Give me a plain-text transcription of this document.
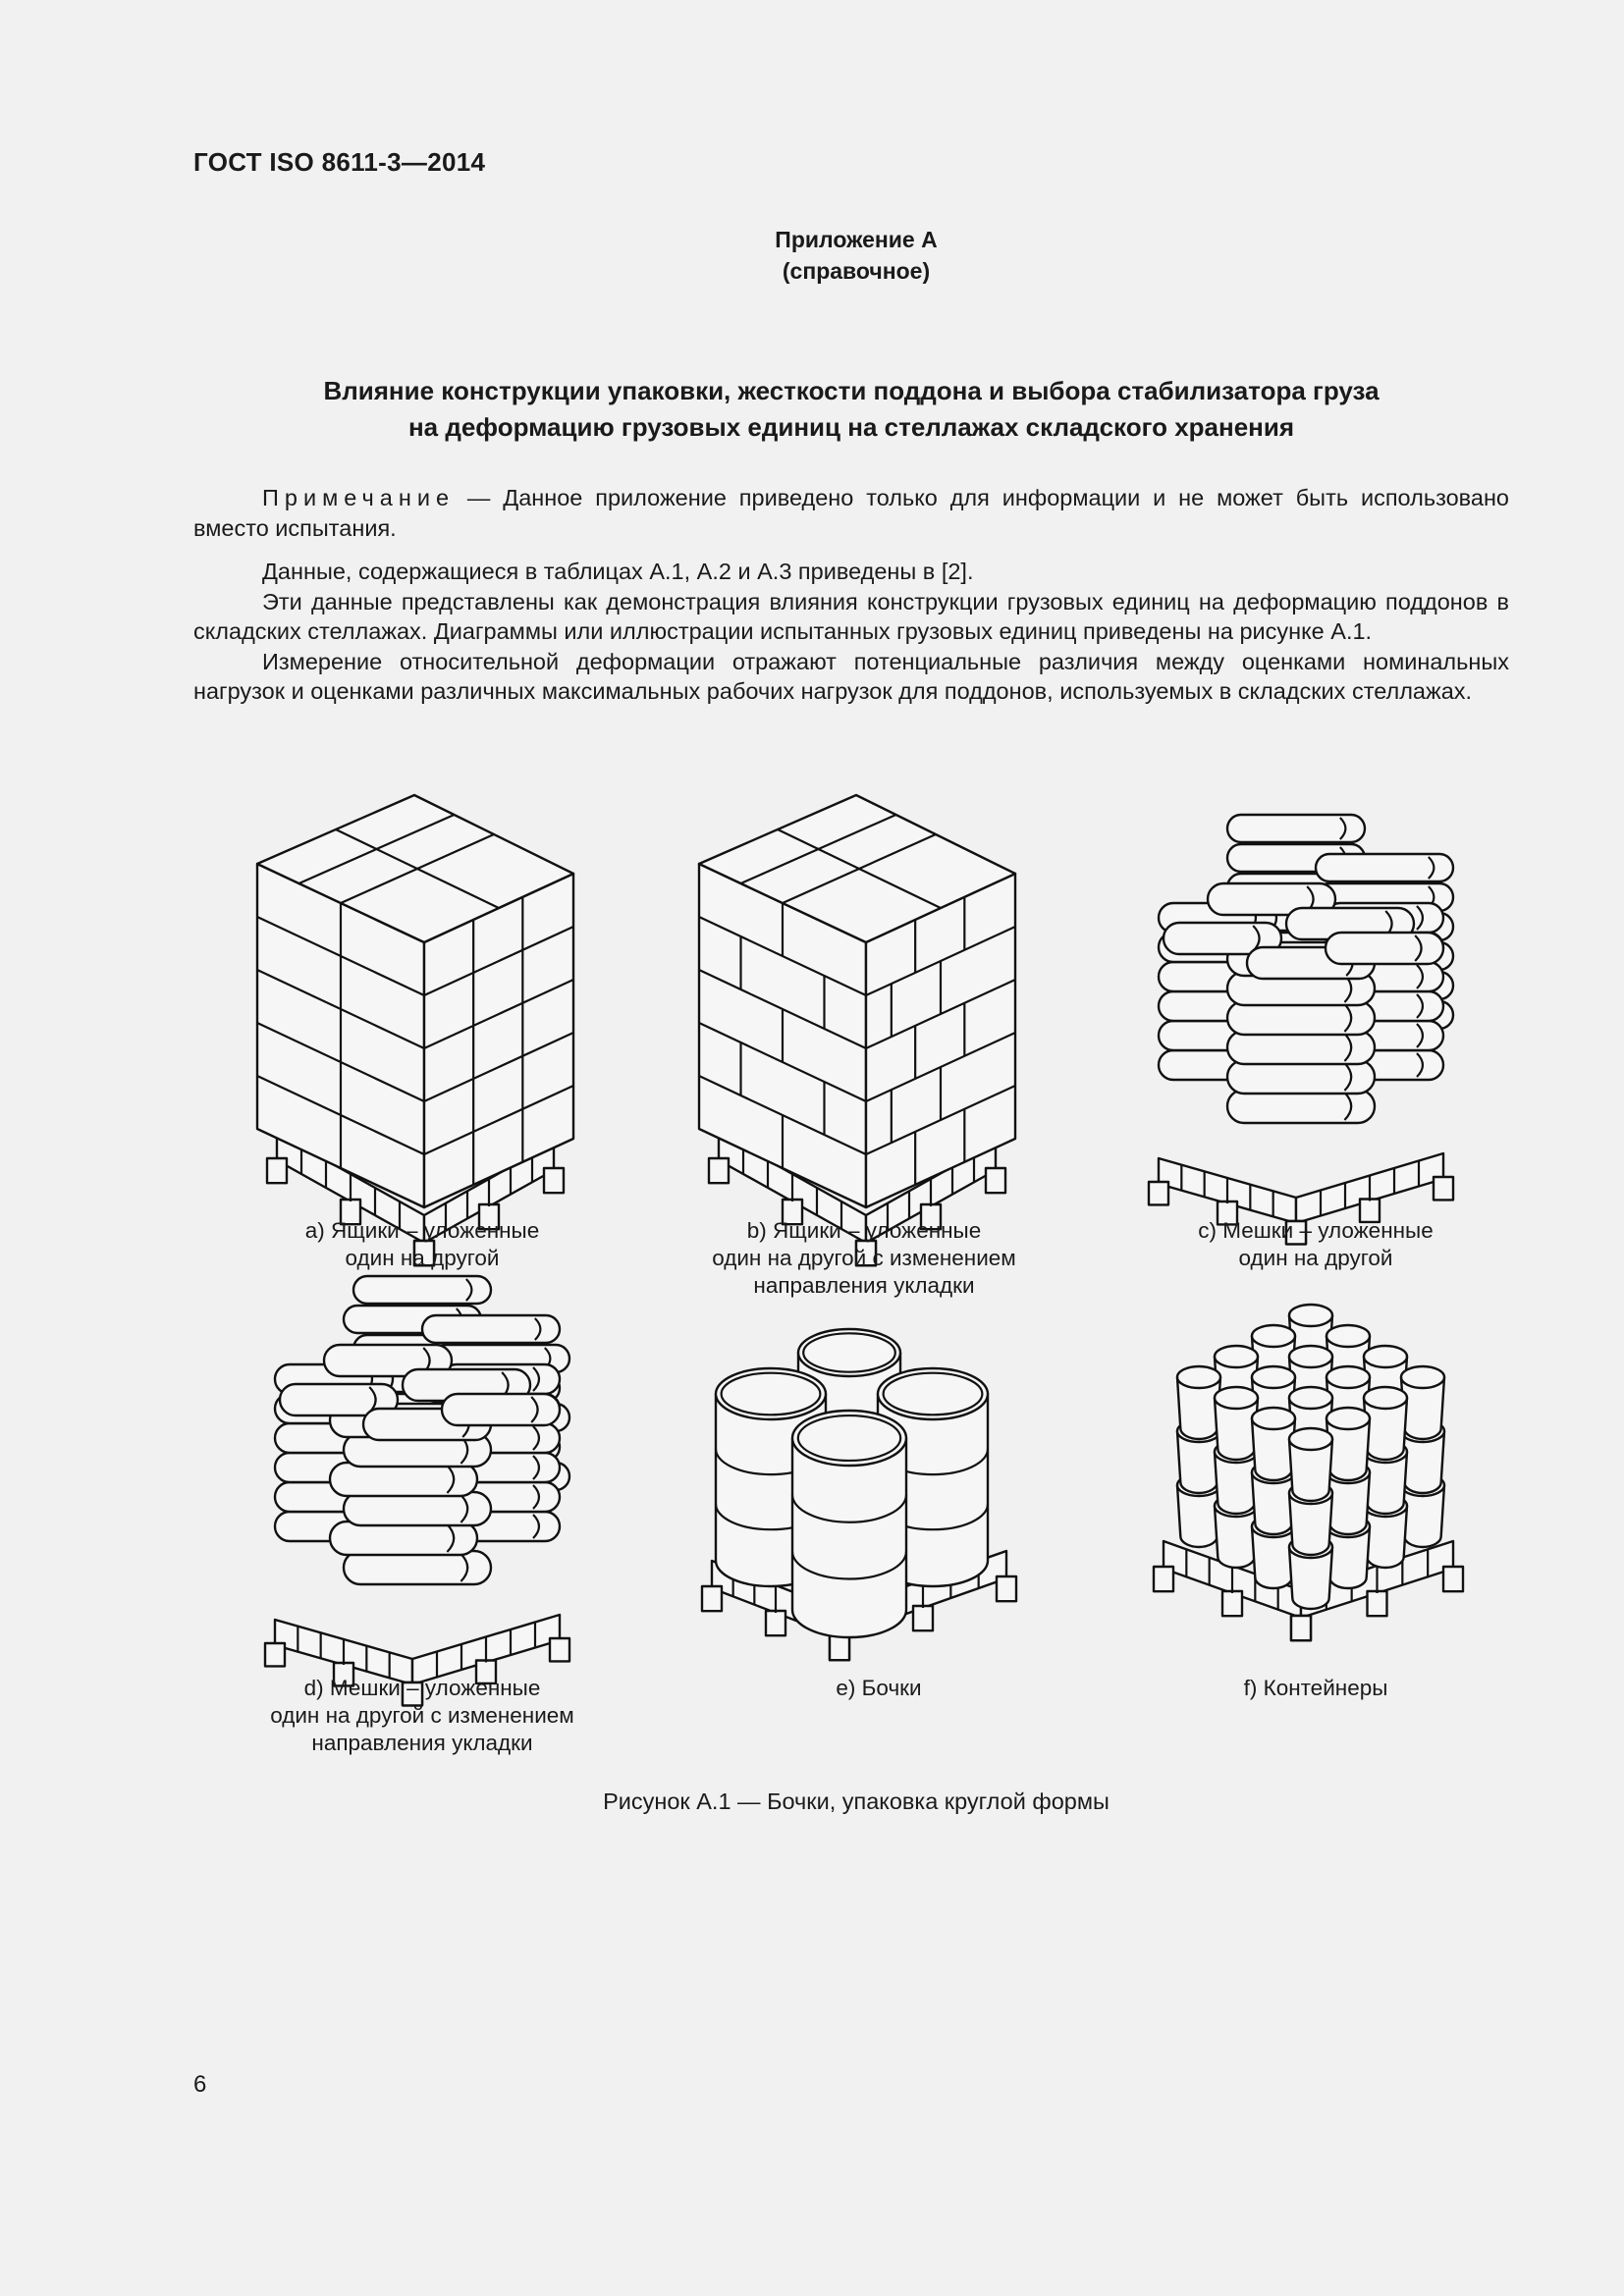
ГОСТ ISO 8611-3—2014
Приложение А
(справочное)
Влияние конструкции упаковки, жесткости поддона и выбора стабилизатора груза
на деформацию грузовых единиц на стеллажах складского хранения

Примечание — Данное приложение приведено только для информации и не может быть использовано вместо испытания.

Данные, содержащиеся в таблицах А.1, А.2 и А.3 приведены в [2].

Эти данные представлены как демонстрация влияния конструкции грузовых единиц на деформацию поддонов в складских стеллажах. Диаграммы или иллюстрации испытанных грузовых единиц приведены на рисунке А.1.

Измерение относительной деформации отражают потенциальные различия между оценками номинальных нагрузок и оценками различных максимальных рабочих нагрузок для поддонов, используемых в складских стеллажах.

a) Ящики – уложенные
один на другой
b) Ящики – уложенные
один на другой с изменением
направления укладки
c) Мешки – уложенные
один на другой
d) Мешки – уложенные
один на другой с изменением
направления укладки
e) Бочки	f) Контейнеры
Рисунок А.1 — Бочки, упаковка круглой формы
6
